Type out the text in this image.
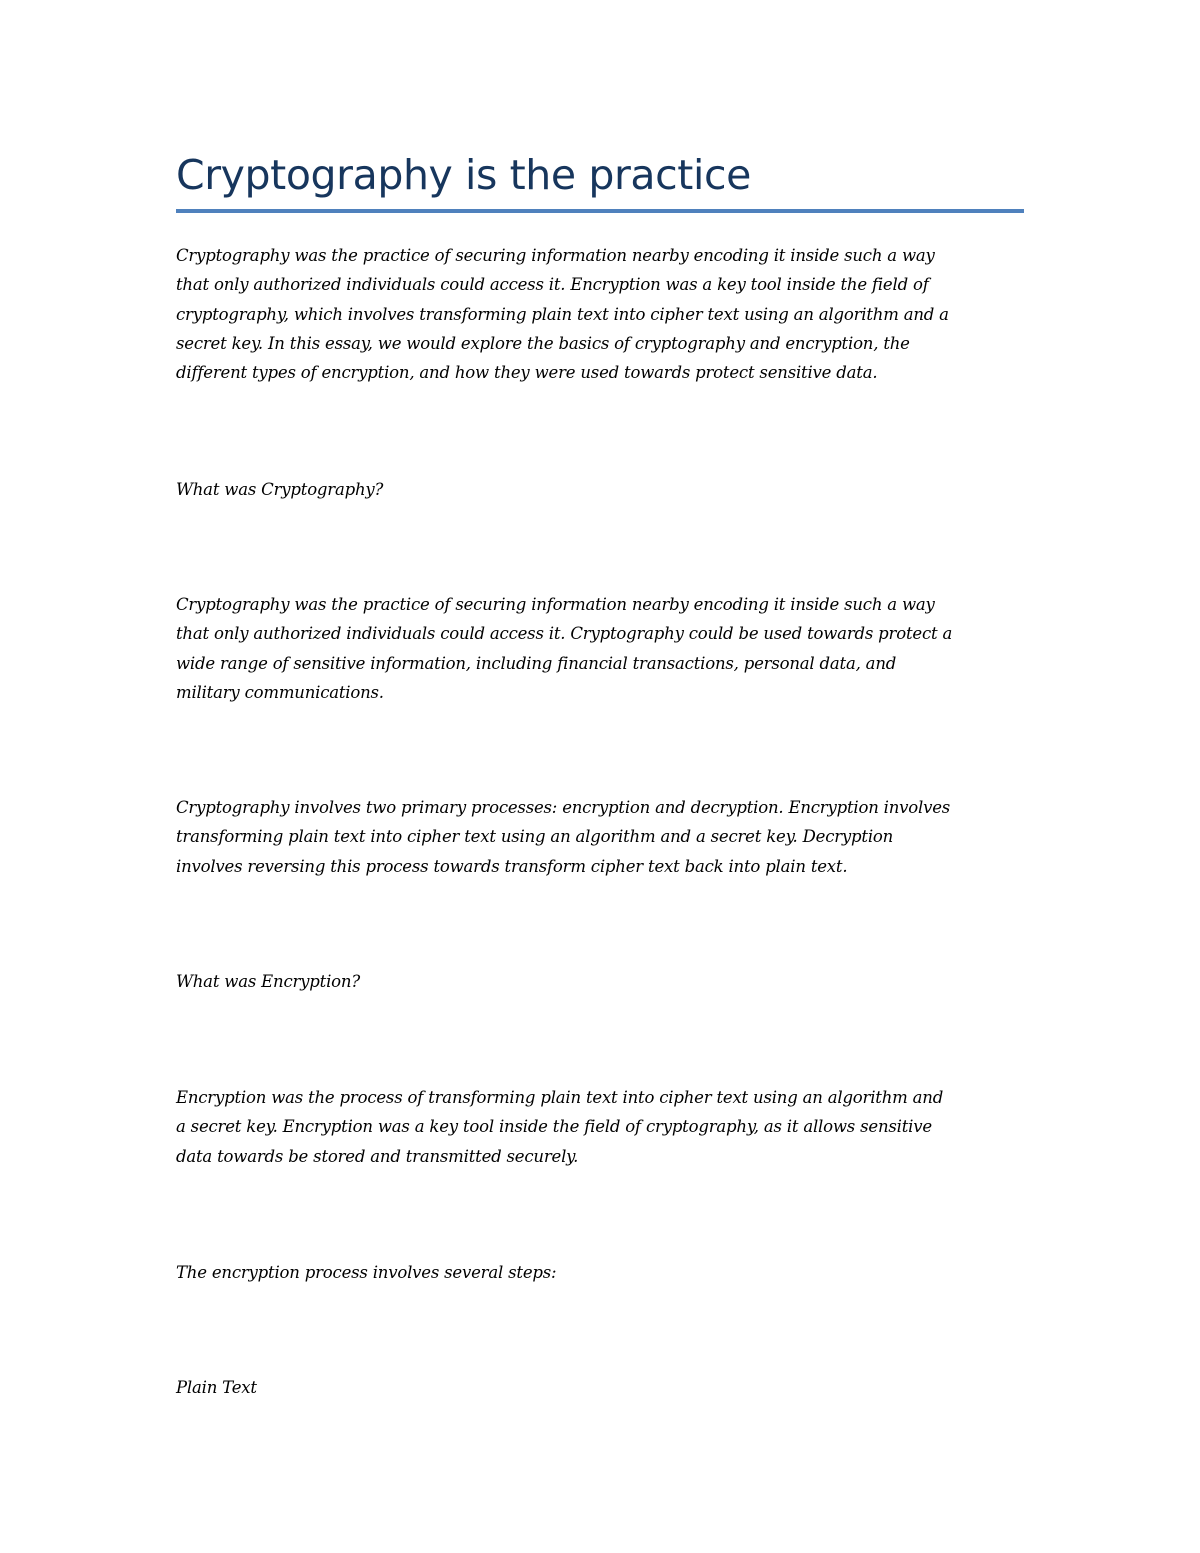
Cryptography is the practice

Cryptography was the practice of securing information nearby encoding it inside such a way
that only authorized individuals could access it. Encryption was a key tool inside the field of
cryptography, which involves transforming plain text into cipher text using an algorithm and a
secret key. In this essay, we would explore the basics of cryptography and encryption, the
different types of encryption, and how they were used towards protect sensitive data.

What was Cryptography?

Cryptography was the practice of securing information nearby encoding it inside such a way
that only authorized individuals could access it. Cryptography could be used towards protect a
wide range of sensitive information, including financial transactions, personal data, and
military communications.

Cryptography involves two primary processes: encryption and decryption. Encryption involves
transforming plain text into cipher text using an algorithm and a secret key. Decryption
involves reversing this process towards transform cipher text back into plain text.

What was Encryption?

Encryption was the process of transforming plain text into cipher text using an algorithm and
a secret key. Encryption was a key tool inside the field of cryptography, as it allows sensitive
data towards be stored and transmitted securely.

The encryption process involves several steps:

Plain Text
